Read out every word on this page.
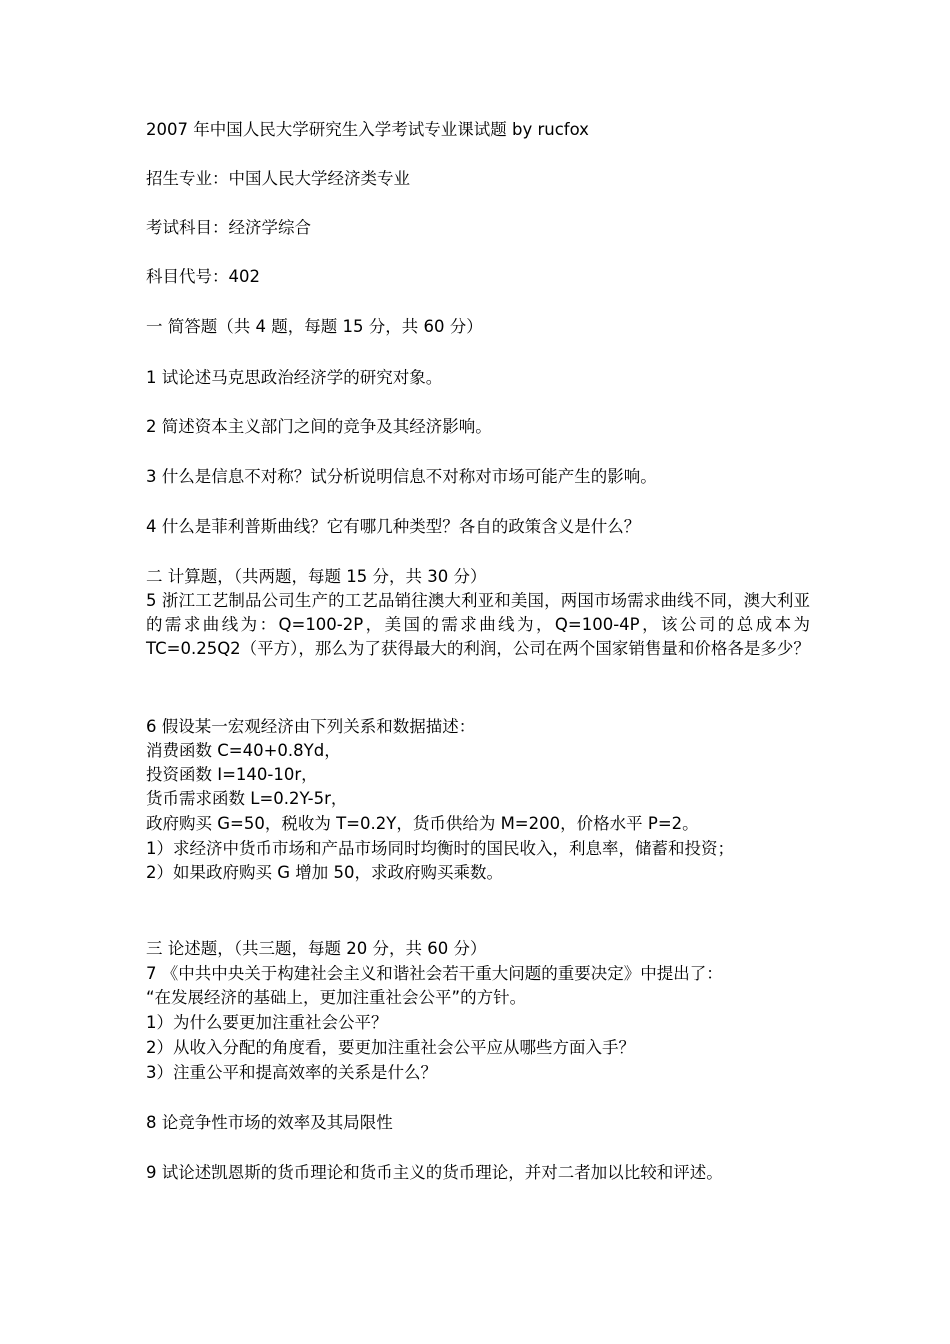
2007 年中国人民大学研究生入学考试专业课试题 by rucfox
招生专业：中国人民大学经济类专业
考试科目：经济学综合
科目代号：402
一 简答题（共 4 题，每题 15 分，共 60 分）
1 试论述马克思政治经济学的研究对象。
2 简述资本主义部门之间的竞争及其经济影响。
3 什么是信息不对称？试分析说明信息不对称对市场可能产生的影响。
4 什么是菲利普斯曲线？它有哪几种类型？各自的政策含义是什么？
二 计算题，（共两题，每题 15 分，共 30 分）

5 浙江工艺制品公司生产的工艺品销往澳大利亚和美国，两国市场需求曲线不同，澳大利亚的需求曲线为：Q=100-2P，美国的需求曲线为，Q=100-4P，该公司的总成本为 TC=0.25Q2（平方），那么为了获得最大的利润，公司在两个国家销售量和价格各是多少？

6 假设某一宏观经济由下列关系和数据描述：
消费函数 C=40+0.8Yd，
投资函数 I=140-10r，
货币需求函数 L=0.2Y-5r，
政府购买 G=50，税收为 T=0.2Y，货币供给为 M=200，价格水平 P=2。
1）求经济中货币市场和产品市场同时均衡时的国民收入，利息率，储蓄和投资；
2）如果政府购买 G 增加 50，求政府购买乘数。
三 论述题，（共三题，每题 20 分，共 60 分）
7 《中共中央关于构建社会主义和谐社会若干重大问题的重要决定》中提出了：
“在发展经济的基础上，更加注重社会公平”的方针。
1）为什么要更加注重社会公平？
2）从收入分配的角度看，要更加注重社会公平应从哪些方面入手？
3）注重公平和提高效率的关系是什么？
8 论竞争性市场的效率及其局限性
9 试论述凯恩斯的货币理论和货币主义的货币理论，并对二者加以比较和评述。
